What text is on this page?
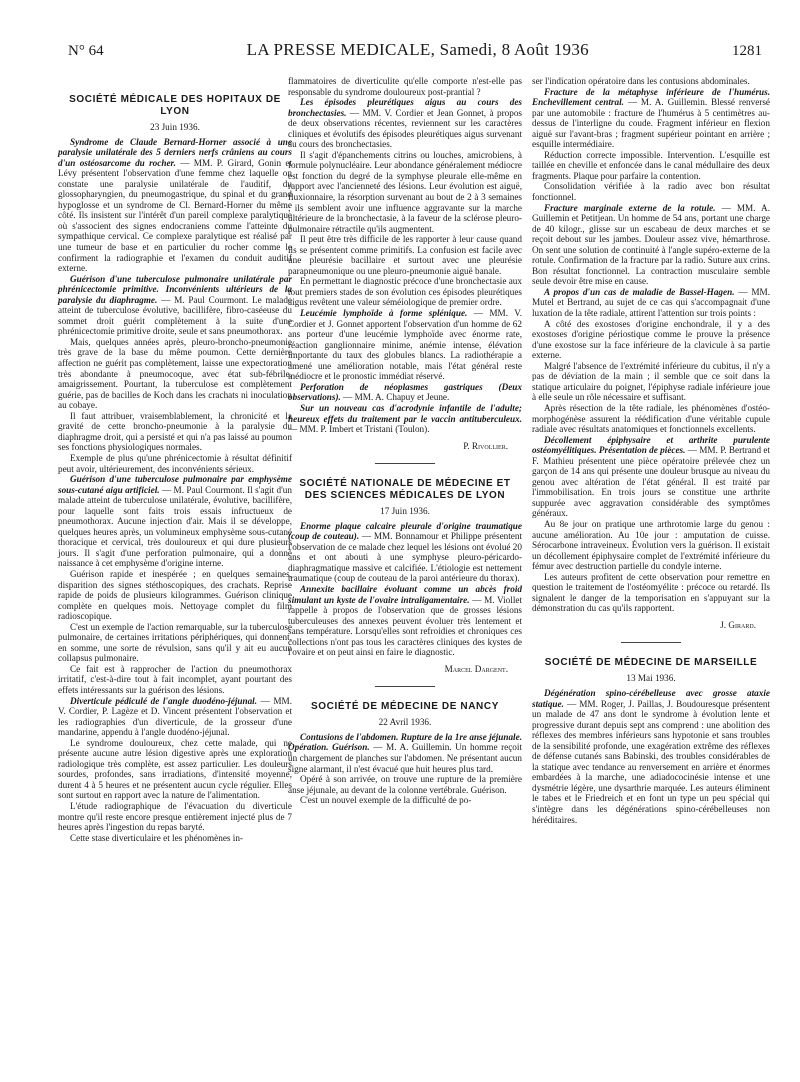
N° 64	LA PRESSE MEDICALE, Samedi, 8 Août 1936	1281
SOCIÉTÉ MÉDICALE DES HOPITAUX DE LYON
23 Juin 1936.

Syndrome de Claude Bernard-Horner associé à une paralysie unilatérale des 5 derniers nerfs crâniens au cours d'un ostéosarcome du rocher. — MM. P. Girard, Gonin et Lévy présentent l'observation d'une femme chez laquelle on constate une paralysie unilatérale de l'auditif, du glossopharyngien, du pneumogastrique, du spinal et du grand hypoglosse et un syndrome de Cl. Bernard-Horner du même côté. Ils insistent sur l'intérêt d'un pareil complexe paralytique où s'associent des signes endocraniens comme l'atteinte du sympathique cervical. Ce complexe paralytique est réalisé par une tumeur de base et en particulier du rocher comme le confirment la radiographie et l'examen du conduit auditif externe.

Guérison d'une tuberculose pulmonaire unilatérale par phrénicectomie primitive. Inconvénients ultérieurs de la paralysie du diaphragme. — M. Paul Courmont. Le malade atteint de tuberculose évolutive, bacillifère, fibro-caséeuse du sommet droit guérit complètement à la suite d'une phrénicectomie primitive droite, seule et sans pneumothorax.

Mais, quelques années après, pleuro-broncho-pneumonie très grave de la base du même poumon. Cette dernière affection ne guérit pas complètement, laisse une expectoration très abondante à pneumocoque, avec état sub-fébrile, amaigrissement. Pourtant, la tuberculose est complètement guérie, pas de bacilles de Koch dans les crachats ni inoculation au cobaye.

Il faut attribuer, vraisemblablement, la chronicité et la gravité de cette broncho-pneumonie à la paralysie du diaphragme droit, qui a persisté et qui n'a pas laissé au poumon ses fonctions physiologiques normales.

Exemple de plus qu'une phrénicectomie à résultat définitif peut avoir, ultérieurement, des inconvénients sérieux.

Guérison d'une tuberculose pulmonaire par emphysème sous-cutané aigu artificiel. — M. Paul Courmont. Il s'agit d'un malade atteint de tuberculose unilatérale, évolutive, bacillifère, pour laquelle sont faits trois essais infructueux de pneumothorax. Aucune injection d'air. Mais il se développe, quelques heures après, un volumineux emphysème sous-cutané thoracique et cervical, très douloureux et qui dure plusieurs jours. Il s'agit d'une perforation pulmonaire, qui a donné naissance à cet emphysème d'origine interne.

Guérison rapide et inespérée ; en quelques semaines, disparition des signes stéthoscopiques, des crachats. Reprise rapide de poids de plusieurs kilogrammes. Guérison clinique complète en quelques mois. Nettoyage complet du film radioscopique.

C'est un exemple de l'action remarquable, sur la tuberculose pulmonaire, de certaines irritations périphériques, qui donnent, en somme, une sorte de révulsion, sans qu'il y ait eu aucun collapsus pulmonaire.

Ce fait est à rapprocher de l'action du pneumothorax irritatif, c'est-à-dire tout à fait incomplet, ayant pourtant des effets intéressants sur la guérison des lésions.

Diverticule pédiculé de l'angle duodéno-jéjunal. — MM. V. Cordier, P. Lagèze et D. Vincent présentent l'observation et les radiographies d'un diverticule, de la grosseur d'une mandarine, appendu à l'angle duodéno-jéjunal.

Le syndrome douloureux, chez cette malade, qui ne présente aucune autre lésion digestive après une exploration radiologique très complète, est assez particulier. Les douleurs sourdes, profondes, sans irradiations, d'intensité moyenne, durent 4 à 5 heures et ne présentent aucun cycle régulier. Elles sont surtout en rapport avec la nature de l'alimentation.

L'étude radiographique de l'évacuation du diverticule montre qu'il reste encore presque entièrement injecté plus de 7 heures après l'ingestion du repas baryté.

Cette stase diverticulaire et les phénomènes in-

flammatoires de diverticulite qu'elle comporte n'est-elle pas responsable du syndrome douloureux post-prantial ?

Les épisodes pleurétiques aigus au cours des bronchectasies. — MM. V. Cordier et Jean Gonnet, à propos de deux observations récentes, reviennent sur les caractères cliniques et évolutifs des épisodes pleurétiques aigus survenant au cours des bronchectasies.

Il s'agit d'épanchements citrins ou louches, amicrobiens, à formule polynucléaire. Leur abondance généralement médiocre est fonction du degré de la symphyse pleurale elle-même en rapport avec l'ancienneté des lésions. Leur évolution est aiguë, fluxionnaire, la résorption survenant au bout de 2 à 3 semaines ; ils semblent avoir une influence aggravante sur la marche ultérieure de la bronchectasie, à la faveur de la sclérose pleuro-pulmonaire rétractile qu'ils augmentent.

Il peut être très difficile de les rapporter à leur cause quand ils se présentent comme primitifs. La confusion est facile avec une pleurésie bacillaire et surtout avec une pleurésie parapneumonique ou une pleuro-pneumonie aiguë banale.

En permettant le diagnostic précoce d'une bronchectasie aux tout premiers stades de son évolution ces épisodes pleurétiques aigus revêtent une valeur séméiologique de premier ordre.

Leucémie lymphoïde à forme splénique. — MM. V. Cordier et J. Gonnet apportent l'observation d'un homme de 62 ans porteur d'une leucémie lymphoïde avec énorme rate, réaction ganglionnaire minime, anémie intense, élévation importante du taux des globules blancs. La radiothérapie a amené une amélioration notable, mais l'état général reste médiocre et le pronostic immédiat réservé.

Perforation de néoplasmes gastriques (Deux observations). — MM. A. Chapuy et Jeune.

Sur un nouveau cas d'acrodynie infantile de l'adulte; heureux effets du traitement par le vaccin antituberculeux. — MM. P. Imbert et Tristani (Toulon).

P. Rivollier.
SOCIÉTÉ NATIONALE DE MÉDECINE ET DES SCIENCES MÉDICALES DE LYON
17 Juin 1936.

Enorme plaque calcaire pleurale d'origine traumatique (coup de couteau). — MM. Bonnamour et Philippe présentent l'observation de ce malade chez lequel les lésions ont évolué 20 ans et ont abouti à une symphyse pleuro-péricardo-diaphragmatique massive et calcifiée. L'étiologie est nettement traumatique (coup de couteau de la paroi antérieure du thorax).

Annexite bacillaire évoluant comme un abcès froid simulant un kyste de l'ovaire intraligamentaire. — M. Viollet rappelle à propos de l'observation que de grosses lésions tuberculeuses des annexes peuvent évoluer très lentement et sans température. Lorsqu'elles sont refroidies et chroniques ces collections n'ont pas tous les caractères cliniques des kystes de l'ovaire et on peut ainsi en faire le diagnostic.

Marcel Dargent.
SOCIÉTÉ DE MÉDECINE DE NANCY
22 Avril 1936.

Contusions de l'abdomen. Rupture de la 1re anse jéjunale. Opération. Guérison. — M. A. Guillemin. Un homme reçoit un chargement de planches sur l'abdomen. Ne présentant aucun signe alarmant, il n'est évacué que huit heures plus tard.

Opéré à son arrivée, on trouve une rupture de la première anse jéjunale, au devant de la colonne vertébrale. Guérison.

C'est un nouvel exemple de la difficulté de po-

ser l'indication opératoire dans les contusions abdominales.

Fracture de la métaphyse inférieure de l'humérus. Enchevillement central. — M. A. Guillemin. Blessé renversé par une automobile : fracture de l'humérus à 5 centimètres au-dessus de l'interligne du coude. Fragment inférieur en flexion aiguë sur l'avant-bras ; fragment supérieur pointant en arrière ; esquille intermédiaire.

Réduction correcte impossible. Intervention. L'esquille est taillée en cheville et enfoncée dans le canal médullaire des deux fragments. Plaque pour parfaire la contention.

Consolidation vérifiée à la radio avec bon résultat fonctionnel.

Fracture marginale externe de la rotule. — MM. A. Guillemin et Petitjean. Un homme de 54 ans, portant une charge de 40 kilogr., glisse sur un escabeau de deux marches et se reçoit debout sur les jambes. Douleur assez vive, hémarthrose. On sent une solution de continuité à l'angle supéro-externe de la rotule. Confirmation de la fracture par la radio. Suture aux crins. Bon résultat fonctionnel. La contraction musculaire semble seule devoir être mise en cause.

A propos d'un cas de maladie de Bassel-Hagen. — MM. Mutel et Bertrand, au sujet de ce cas qui s'accompagnait d'une luxation de la tête radiale, attirent l'attention sur trois points :

A côté des exostoses d'origine enchondrale, il y a des exostoses d'origine périostique comme le prouve la présence d'une exostose sur la face inférieure de la clavicule à sa partie externe.

Malgré l'absence de l'extrémité inférieure du cubitus, il n'y a pas de déviation de la main ; il semble que ce soit dans la statique articulaire du poignet, l'épiphyse radiale inférieure joue à elle seule un rôle nécessaire et suffisant.

Après résection de la tête radiale, les phénomènes d'ostéo-morphogénèse assurent la réédification d'une véritable cupule radiale avec résultats anatomiques et fonctionnels excellents.

Décollement épiphysaire et arthrite purulente ostéomyélitiques. Présentation de pièces. — MM. P. Bertrand et F. Mathieu présentent une pièce opératoire prélevée chez un garçon de 14 ans qui présente une douleur brusque au niveau du genou avec altération de l'état général. Il est traité par l'immobilisation. En trois jours se constitue une arthrite suppurée avec aggravation considérable des symptômes généraux.

Au 8e jour on pratique une arthrotomie large du genou : aucune amélioration. Au 10e jour : amputation de cuisse. Sérocarbone intraveineux. Évolution vers la guérison. Il existait un décollement épiphysaire complet de l'extrémité inférieure du fémur avec destruction partielle du condyle interne.

Les auteurs profitent de cette observation pour remettre en question le traitement de l'ostéomyélite : précoce ou retardé. Ils signalent le danger de la temporisation en s'appuyant sur la démonstration du cas qu'ils rapportent.

J. Girard.
SOCIÉTÉ DE MÉDECINE DE MARSEILLE
13 Mai 1936.

Dégénération spino-cérébelleuse avec grosse ataxie statique. — MM. Roger, J. Paillas, J. Boudouresque présentent un malade de 47 ans dont le syndrome à évolution lente et progressive durant depuis sept ans comprend : une abolition des réflexes des membres inférieurs sans hypotonie et sans troubles de la sensibilité profonde, une exagération extrême des réflexes de défense cutanés sans Babinski, des troubles considérables de la statique avec tendance au renversement en arrière et énormes embardées à la marche, une adiadococinésie intense et une dysmétrie légère, une dysarthrie marquée. Les auteurs éliminent le tabes et le Friedreich et en font un type un peu spécial qui s'intègre dans les dégénérations spino-cérébelleuses non héréditaires.
